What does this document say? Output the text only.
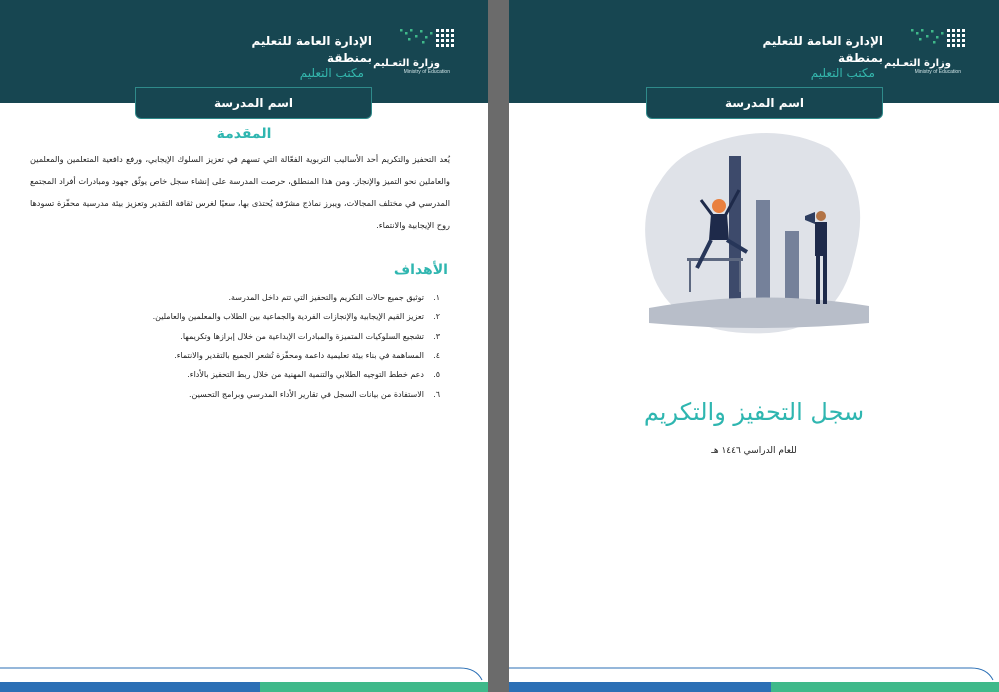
وزارة التعـليم
Ministry of Education
الإدارة العامة للتعليم
بمنطقة
مكتب التعليم
اسم المدرسة
المقدمة

يُعد التحفيز والتكريم أحد الأساليب التربوية الفعّالة التي تسهم في تعزيز السلوك الإيجابي، ورفع دافعية المتعلمين والمعلمين والعاملين نحو التميز والإنجاز. ومن هذا المنطلق، حرصت المدرسة على إنشاء سجل خاص يوثّق جهود ومبادرات أفراد المجتمع المدرسي في مختلف المجالات، ويبرز نماذج مشرّفة يُحتذى بها، سعيًا لغرس ثقافة التقدير وتعزيز بيئة مدرسية محفّزة تسودها روح الإيجابية والانتماء.

الأهداف
١.
توثيق جميع حالات التكريم والتحفيز التي تتم داخل المدرسة.
٢.
تعزيز القيم الإيجابية والإنجازات الفردية والجماعية بين الطلاب والمعلمين والعاملين.
٣.
تشجيع السلوكيات المتميزة والمبادرات الإبداعية من خلال إبرازها وتكريمها.
٤.
المساهمة في بناء بيئة تعليمية داعمة ومحفّزة تُشعر الجميع بالتقدير والانتماء.
٥.
دعم خطط التوجيه الطلابي والتنمية المهنية من خلال ربط التحفيز بالأداء.
٦.
الاستفادة من بيانات السجل في تقارير الأداء المدرسي وبرامج التحسين.
وزارة التعـليم
Ministry of Education
الإدارة العامة للتعليم
بمنطقة
مكتب التعليم
اسم المدرسة
سجل التحفيز والتكريم
للعام الدراسي ١٤٤٦ هـ
